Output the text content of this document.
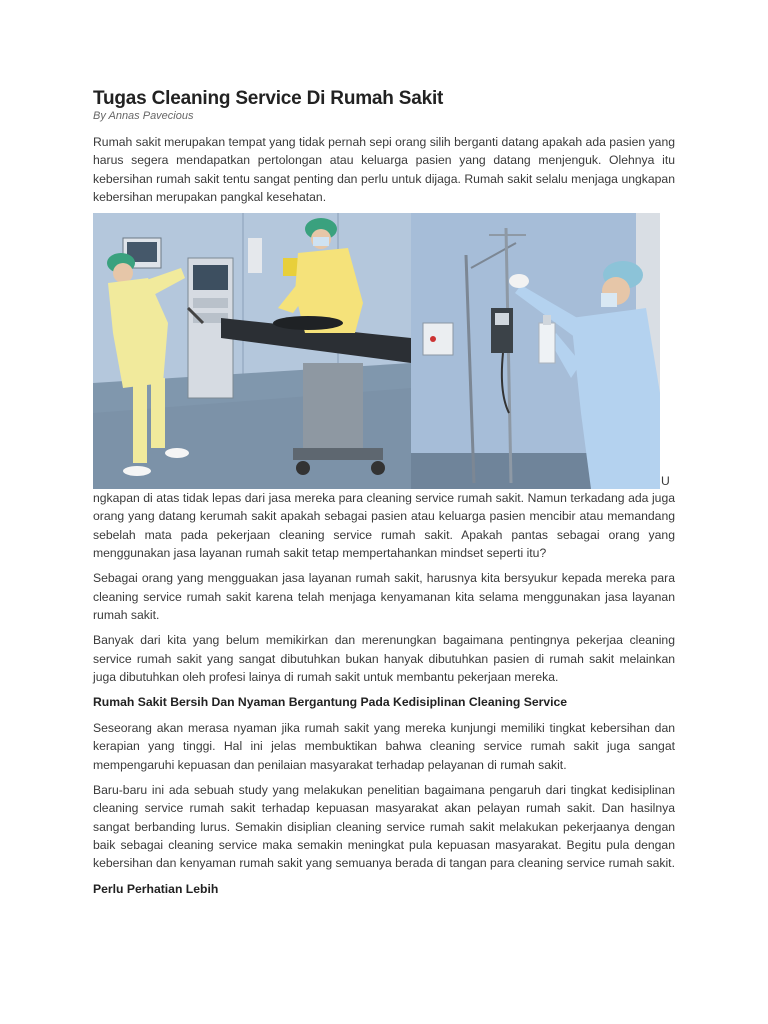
Tugas Cleaning Service Di Rumah Sakit
By Annas Pavecious

Rumah sakit merupakan tempat yang tidak pernah sepi orang silih berganti datang apakah ada pasien yang harus segera mendapatkan pertolongan atau keluarga pasien yang datang menjenguk. Olehnya itu kebersihan rumah sakit tentu sangat penting dan perlu untuk dijaga. Rumah sakit selalu menjaga ungkapan kebersihan merupakan pangkal kesehatan.

U

ngkapan di atas tidak lepas dari jasa mereka para cleaning service rumah sakit. Namun terkadang ada juga orang yang datang kerumah sakit apakah sebagai pasien atau keluarga pasien mencibir atau memandang sebelah mata pada pekerjaan cleaning service rumah sakit. Apakah pantas sebagai orang yang menggunakan jasa layanan rumah sakit tetap mempertahankan mindset seperti itu?

Sebagai orang yang mengguakan jasa layanan rumah sakit, harusnya kita bersyukur kepada mereka para cleaning service rumah sakit karena telah menjaga kenyamanan kita selama menggunakan jasa layanan rumah sakit.

Banyak dari kita yang belum memikirkan dan merenungkan bagaimana pentingnya pekerjaa cleaning service rumah sakit yang sangat dibutuhkan bukan hanyak dibutuhkan pasien di rumah sakit melainkan juga dibutuhkan oleh profesi lainya di rumah sakit untuk membantu pekerjaan mereka.

Rumah Sakit Bersih Dan Nyaman Bergantung Pada Kedisiplinan Cleaning Service

Seseorang akan merasa nyaman jika rumah sakit yang mereka kunjungi memiliki tingkat kebersihan dan kerapian yang tinggi. Hal ini jelas membuktikan bahwa cleaning service rumah sakit juga sangat mempengaruhi kepuasan dan penilaian masyarakat terhadap pelayanan di rumah sakit.

Baru-baru ini ada sebuah study yang melakukan penelitian bagaimana pengaruh dari tingkat kedisiplinan cleaning service rumah sakit terhadap kepuasan masyarakat akan pelayan rumah sakit. Dan hasilnya sangat berbanding lurus. Semakin disiplian cleaning service rumah sakit melakukan pekerjaanya dengan baik sebagai cleaning service maka semakin meningkat pula kepuasan masyarakat. Begitu pula dengan kebersihan dan kenyaman rumah sakit yang semuanya berada di tangan para cleaning service rumah sakit.

Perlu Perhatian Lebih
